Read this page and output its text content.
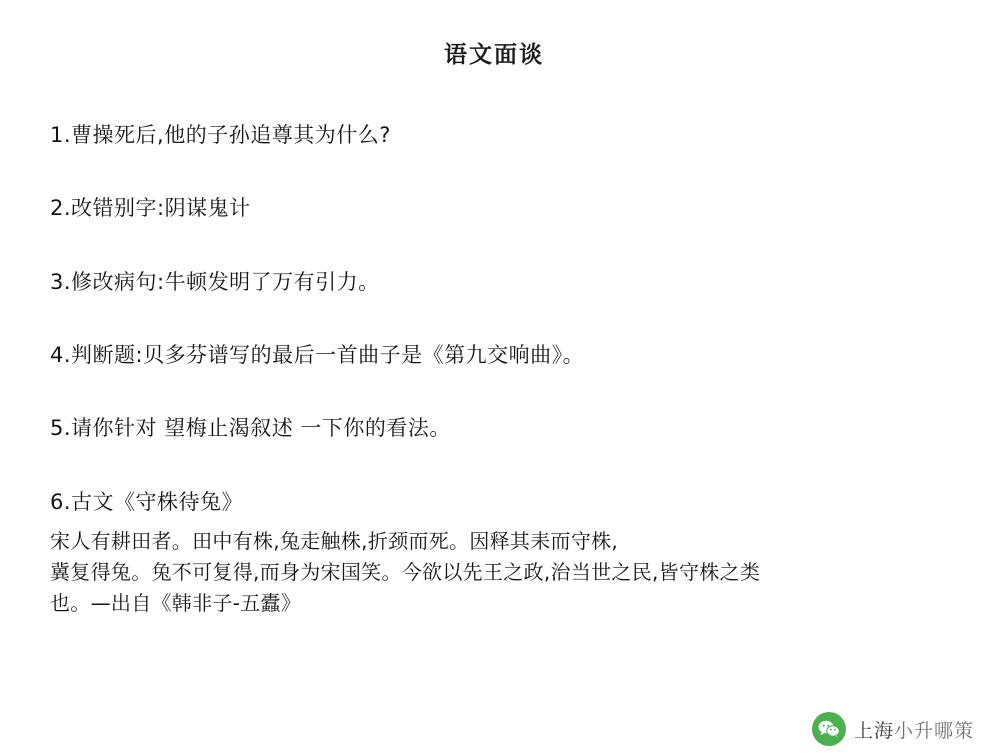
语文面谈
1.曹操死后,他的子孙追尊其为什么?
2.改错别字:阴谋鬼计
3.修改病句:牛顿发明了万有引力。
4.判断题:贝多芬谱写的最后一首曲子是《第九交响曲》。
5.请你针对 望梅止渴叙述 一下你的看法。
6.古文《守株待兔》
宋人有耕田者。田中有株,兔走触株,折颈而死。因释其耒而守株,
冀复得兔。兔不可复得,而身为宋国笑。今欲以先王之政,治当世之民,皆守株之类
也。—出自《韩非子-五蠹》
上海小升哪策
